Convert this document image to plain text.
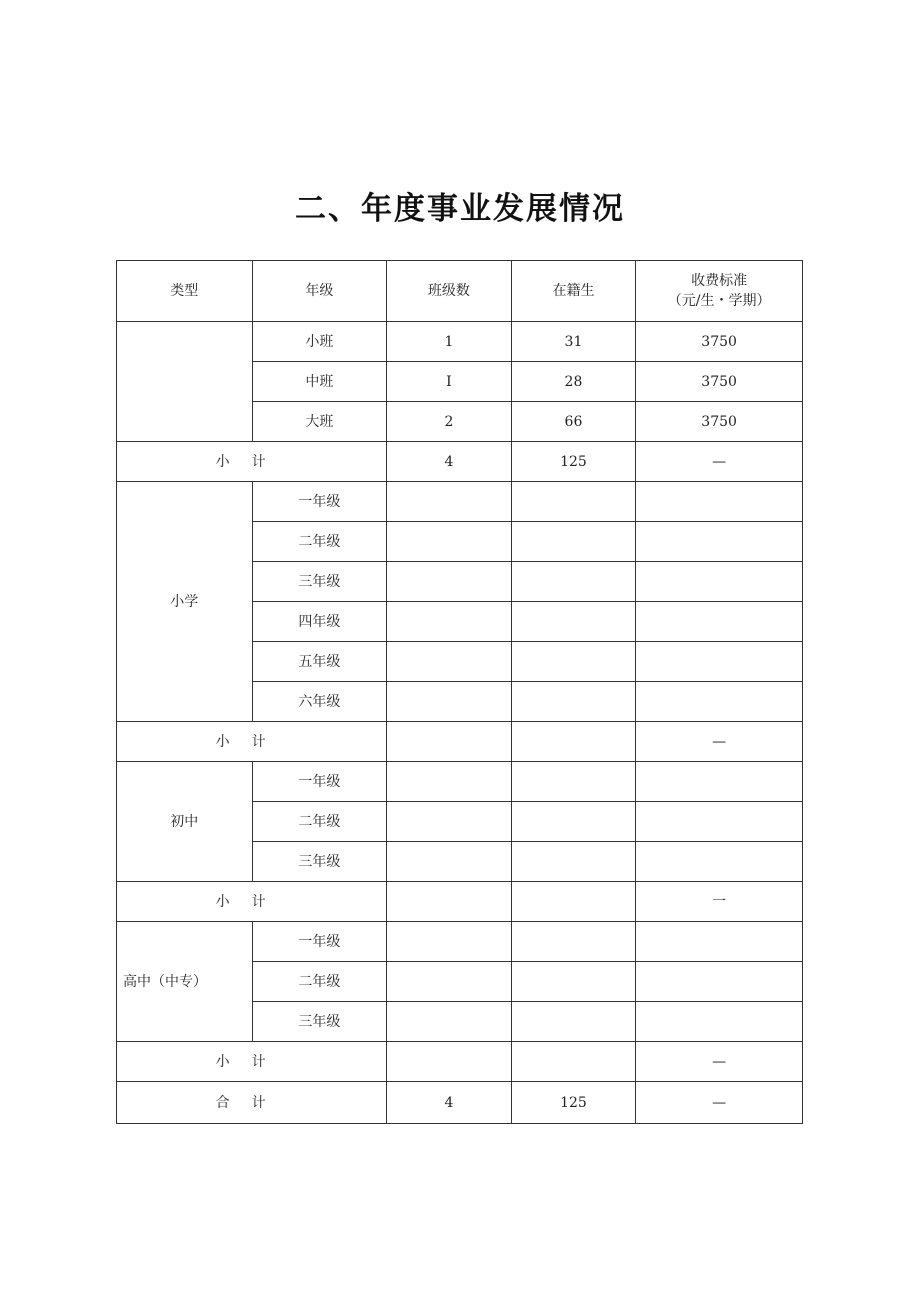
二、年度事业发展情况
类型	年级	班级数	在籍生	收费标准
（元/生・学期）

	小班	1	31	3750
	中班	I	28	3750
	大班	2	66	3750
小计		4	125	—
小学	一年级			
	二年级			
	三年级			
	四年级			
	五年级			
	六年级			
小计				—
初中	一年级			
	二年级			
	三年级			
小计				一
高中（中专）	一年级			
	二年级			
	三年级			
小计				—
合计		4	125	—
